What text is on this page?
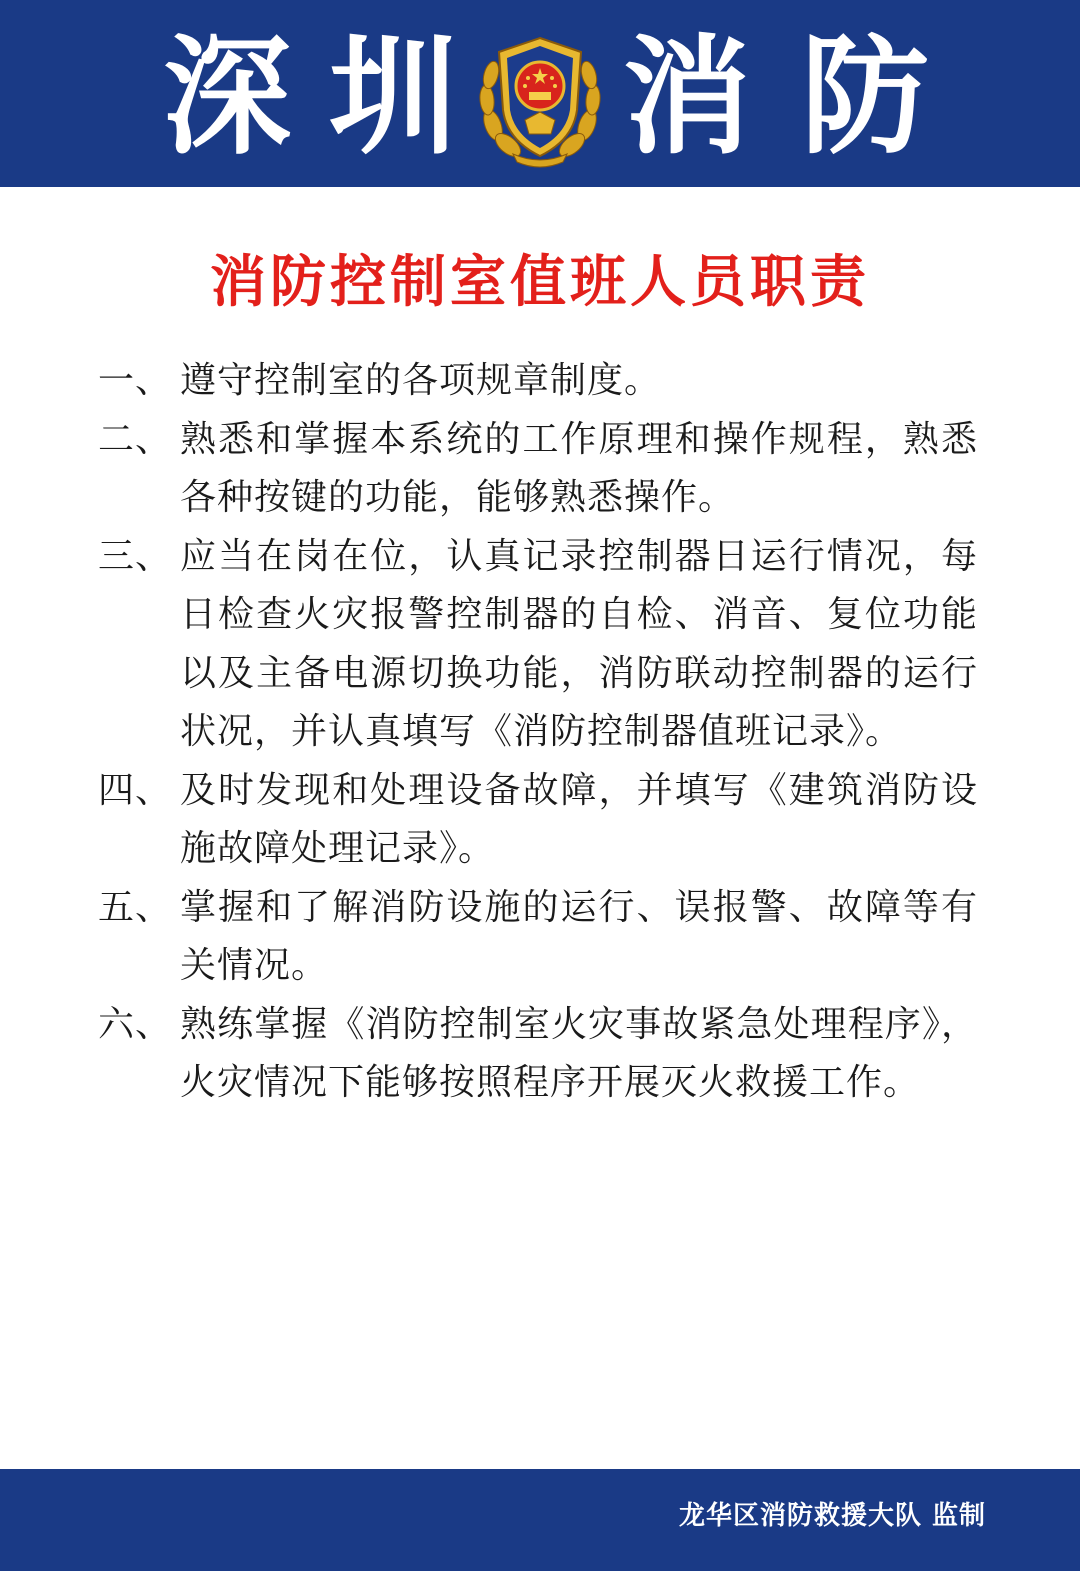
深 圳 消 防
消防控制室值班人员职责
一、 遵守控制室的各项规章制度。
二、 熟悉和掌握本系统的工作原理和操作规程，熟悉各种按键的功能，能够熟悉操作。
三、 应当在岗在位，认真记录控制器日运行情况，每日检查火灾报警控制器的自检、消音、复位功能以及主备电源切换功能，消防联动控制器的运行状况，并认真填写《消防控制器值班记录》。
四、 及时发现和处理设备故障，并填写《建筑消防设施故障处理记录》。
五、 掌握和了解消防设施的运行、误报警、故障等有关情况。
六、 熟练掌握《消防控制室火灾事故紧急处理程序》，火灾情况下能够按照程序开展灭火救援工作。
龙华区消防救援大队 监制
